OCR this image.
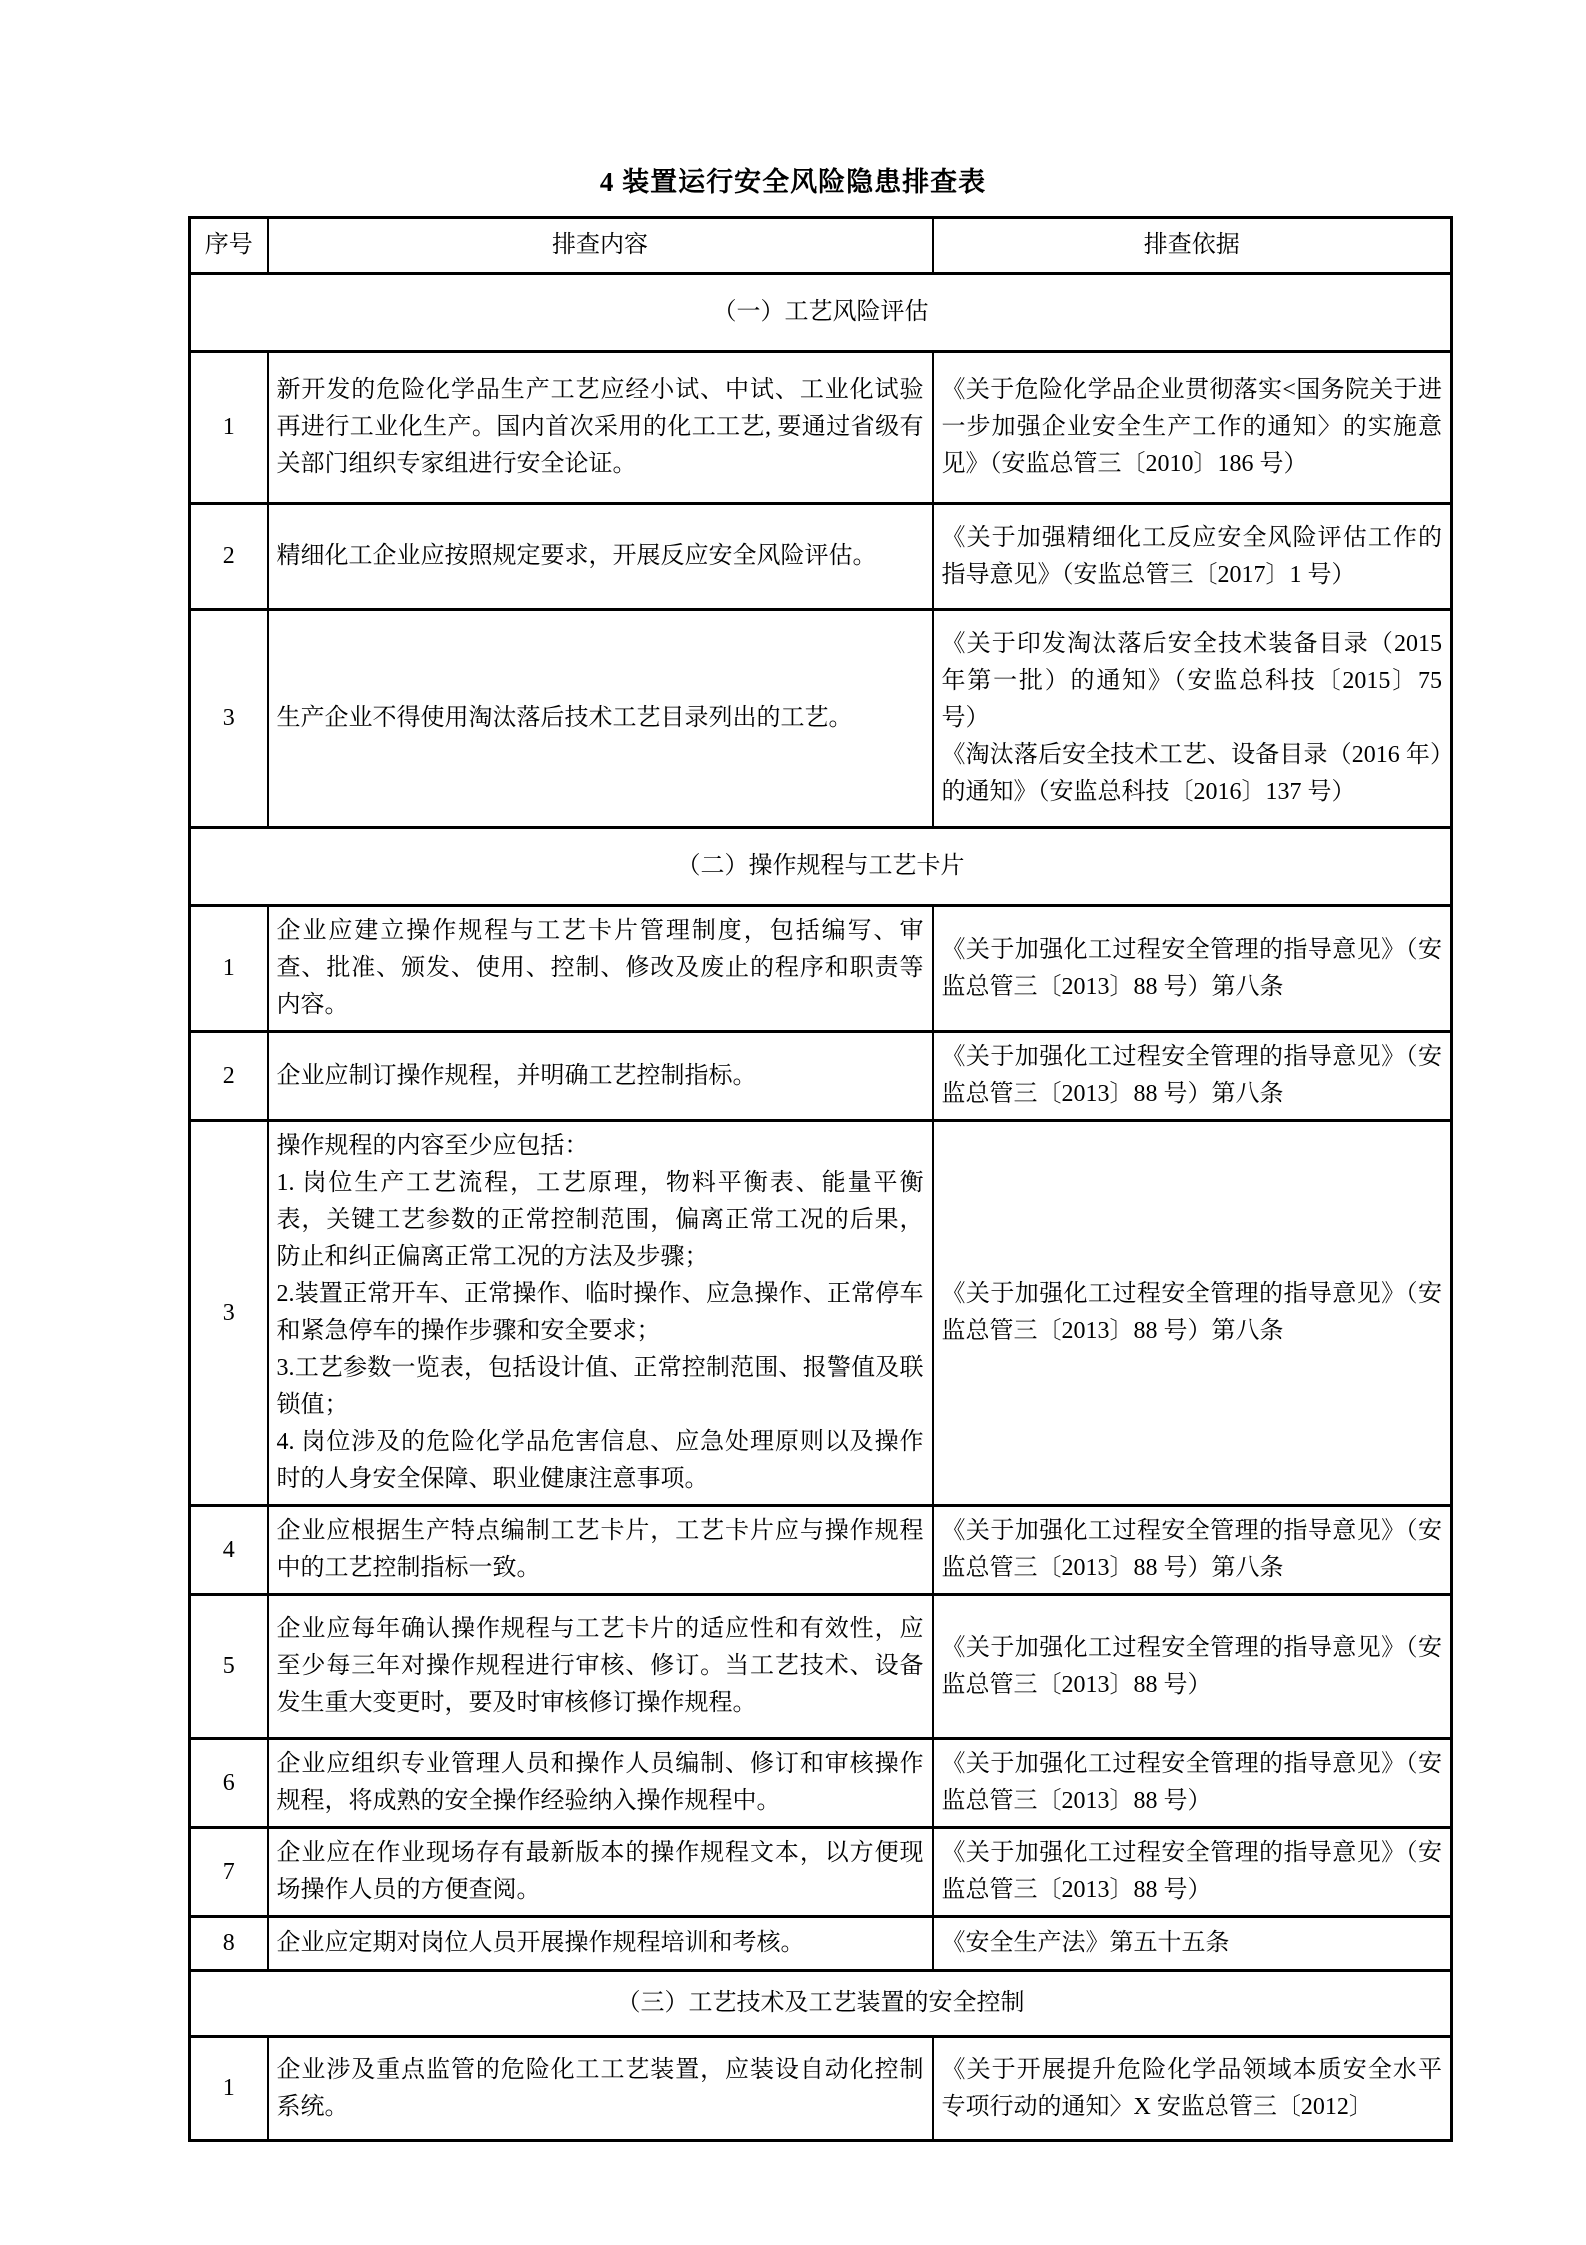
4 装置运行安全风险隐患排查表
序号	排查内容	排查依据
（一）工艺风险评估		
1	新开发的危险化学品生产工艺应经小试、中试、工业化试验再进行工业化生产。国内首次采用的化工工艺, 要通过省级有关部门组织专家组进行安全论证。	《关于危险化学品企业贯彻落实<国务院关于进一步加强企业安全生产工作的通知〉的实施意见》（安监总管三〔2010〕186 号）

2	精细化工企业应按照规定要求，开展反应安全风险评估。	《关于加强精细化工反应安全风险评估工作的指导意见》（安监总管三〔2017〕1 号）

3	生产企业不得使用淘汰落后技术工艺目录列出的工艺。	《关于印发淘汰落后安全技术装备目录（2015 年第一批）的通知》（安监总科技〔2015〕75 号）
《淘汰落后安全技术工艺、设备目录（2016 年）的通知》（安监总科技〔2016〕137 号）

（二）操作规程与工艺卡片		
1	企业应建立操作规程与工艺卡片管理制度，包括编写、审查、批准、颁发、使用、控制、修改及废止的程序和职责等内容。	《关于加强化工过程安全管理的指导意见》（安监总管三〔2013〕88 号）第八条

2	企业应制订操作规程，并明确工艺控制指标。	《关于加强化工过程安全管理的指导意见》（安监总管三〔2013〕88 号）第八条

3	操作规程的内容至少应包括：
1. 岗位生产工艺流程，工艺原理，物料平衡表、能量平衡表，关键工艺参数的正常控制范围，偏离正常工况的后果，防止和纠正偏离正常工况的方法及步骤；
2.装置正常开车、正常操作、临时操作、应急操作、正常停车和紧急停车的操作步骤和安全要求；
3.工艺参数一览表，包括设计值、正常控制范围、报警值及联锁值；
4. 岗位涉及的危险化学品危害信息、应急处理原则以及操作时的人身安全保障、职业健康注意事项。	《关于加强化工过程安全管理的指导意见》（安监总管三〔2013〕88 号）第八条

4	企业应根据生产特点编制工艺卡片，工艺卡片应与操作规程中的工艺控制指标一致。	《关于加强化工过程安全管理的指导意见》（安监总管三〔2013〕88 号）第八条

5	企业应每年确认操作规程与工艺卡片的适应性和有效性，应至少每三年对操作规程进行审核、修订。当工艺技术、设备发生重大变更时，要及时审核修订操作规程。	《关于加强化工过程安全管理的指导意见》（安监总管三〔2013〕88 号）

6	企业应组织专业管理人员和操作人员编制、修订和审核操作规程，将成熟的安全操作经验纳入操作规程中。	《关于加强化工过程安全管理的指导意见》（安监总管三〔2013〕88 号）

7	企业应在作业现场存有最新版本的操作规程文本，以方便现场操作人员的方便查阅。	《关于加强化工过程安全管理的指导意见》（安监总管三〔2013〕88 号）

8	企业应定期对岗位人员开展操作规程培训和考核。	《安全生产法》第五十五条

（三）工艺技术及工艺装置的安全控制		
1	企业涉及重点监管的危险化工工艺装置，应装设自动化控制系统。	《关于开展提升危险化学品领域本质安全水平专项行动的通知〉X 安监总管三〔2012〕
